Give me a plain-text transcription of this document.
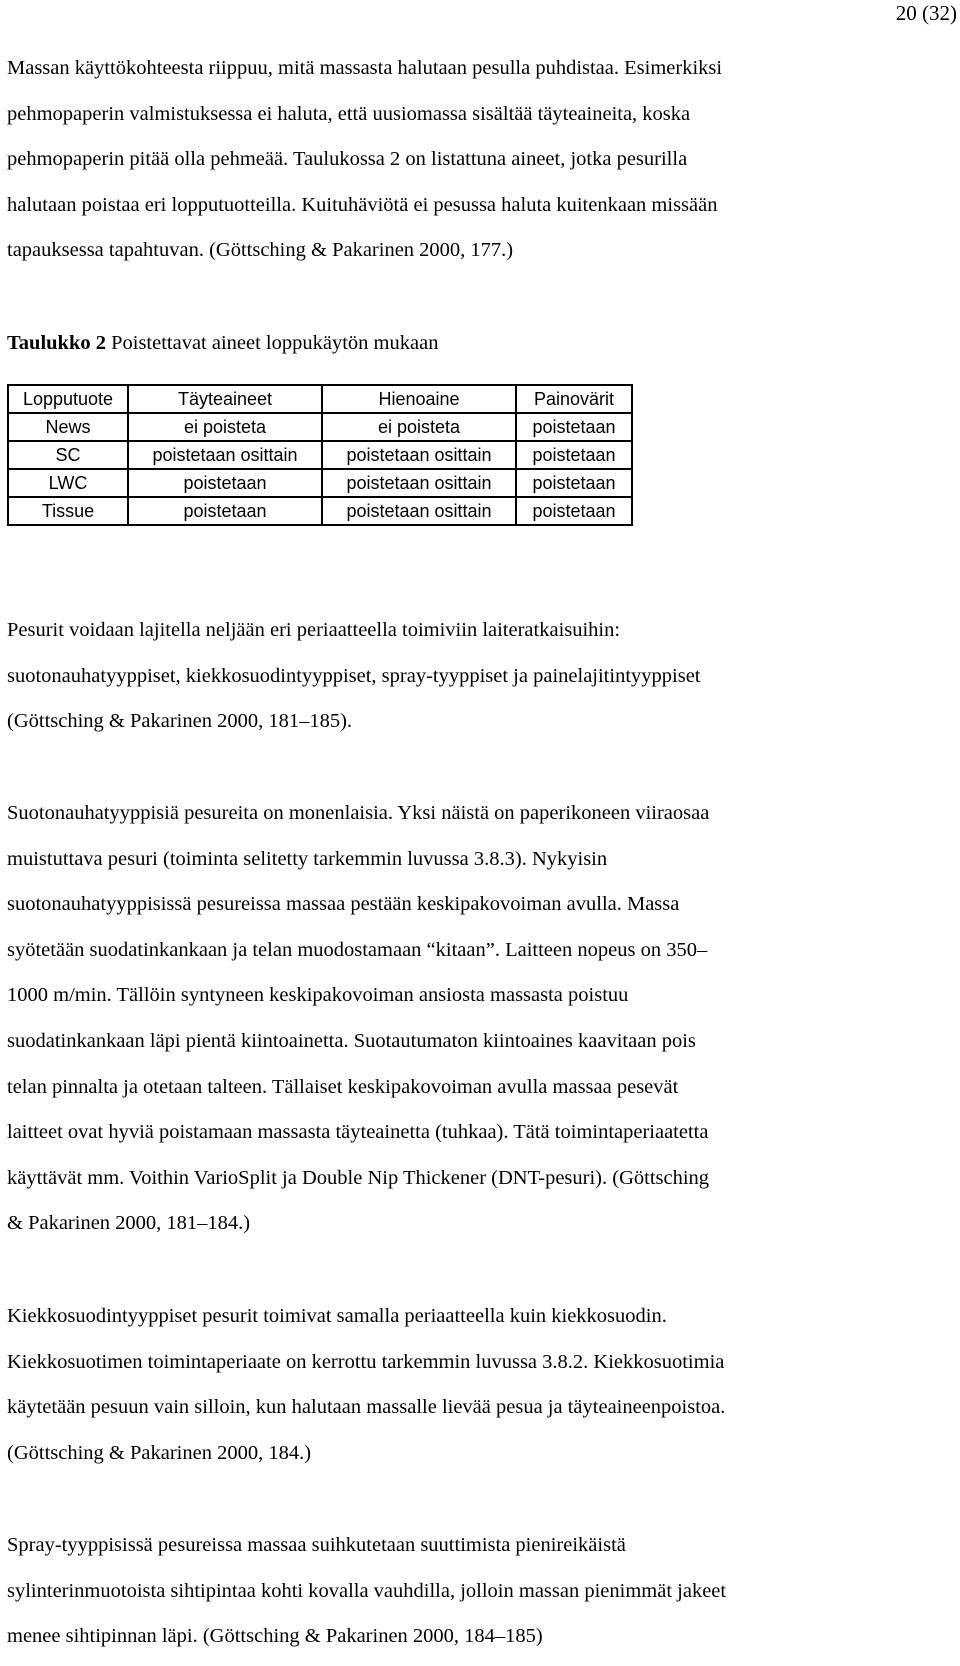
20 (32)

Massan käyttökohteesta riippuu, mitä massasta halutaan pesulla puhdistaa. Esimerkiksi
pehmopaperin valmistuksessa ei haluta, että uusiomassa sisältää täyteaineita, koska
pehmopaperin pitää olla pehmeää. Taulukossa 2 on listattuna aineet, jotka pesurilla
halutaan poistaa eri lopputuotteilla. Kuituhäviötä ei pesussa haluta kuitenkaan missään
tapauksessa tapahtuvan. (Göttsching & Pakarinen 2000, 177.)

Taulukko 2 Poistettavat aineet loppukäytön mukaan

Lopputuote	Täyteaineet	Hienoaine	Painovärit
News	ei poisteta	ei poisteta	poistetaan
SC	poistetaan osittain	poistetaan osittain	poistetaan
LWC	poistetaan	poistetaan osittain	poistetaan
Tissue	poistetaan	poistetaan osittain	poistetaan

Pesurit voidaan lajitella neljään eri periaatteella toimiviin laiteratkaisuihin:
suotonauhatyyppiset, kiekkosuodintyyppiset, spray-tyyppiset ja painelajitintyyppiset
(Göttsching & Pakarinen 2000, 181–185).

Suotonauhatyyppisiä pesureita on monenlaisia. Yksi näistä on paperikoneen viiraosaa
muistuttava pesuri (toiminta selitetty tarkemmin luvussa 3.8.3). Nykyisin
suotonauhatyyppisissä pesureissa massaa pestään keskipakovoiman avulla. Massa
syötetään suodatinkankaan ja telan muodostamaan “kitaan”. Laitteen nopeus on 350–
1000 m/min. Tällöin syntyneen keskipakovoiman ansiosta massasta poistuu
suodatinkankaan läpi pientä kiintoainetta. Suotautumaton kiintoaines kaavitaan pois
telan pinnalta ja otetaan talteen. Tällaiset keskipakovoiman avulla massaa pesevät
laitteet ovat hyviä poistamaan massasta täyteainetta (tuhkaa). Tätä toimintaperiaatetta
käyttävät mm. Voithin VarioSplit ja Double Nip Thickener (DNT-pesuri). (Göttsching
& Pakarinen 2000, 181–184.)

Kiekkosuodintyyppiset pesurit toimivat samalla periaatteella kuin kiekkosuodin.
Kiekkosuotimen toimintaperiaate on kerrottu tarkemmin luvussa 3.8.2. Kiekkosuotimia
käytetään pesuun vain silloin, kun halutaan massalle lievää pesua ja täyteaineenpoistoa.
(Göttsching & Pakarinen 2000, 184.)

Spray-tyyppisissä pesureissa massaa suihkutetaan suuttimista pienireikäistä
sylinterinmuotoista sihtipintaa kohti kovalla vauhdilla, jolloin massan pienimmät jakeet
menee sihtipinnan läpi. (Göttsching & Pakarinen 2000, 184–185)
